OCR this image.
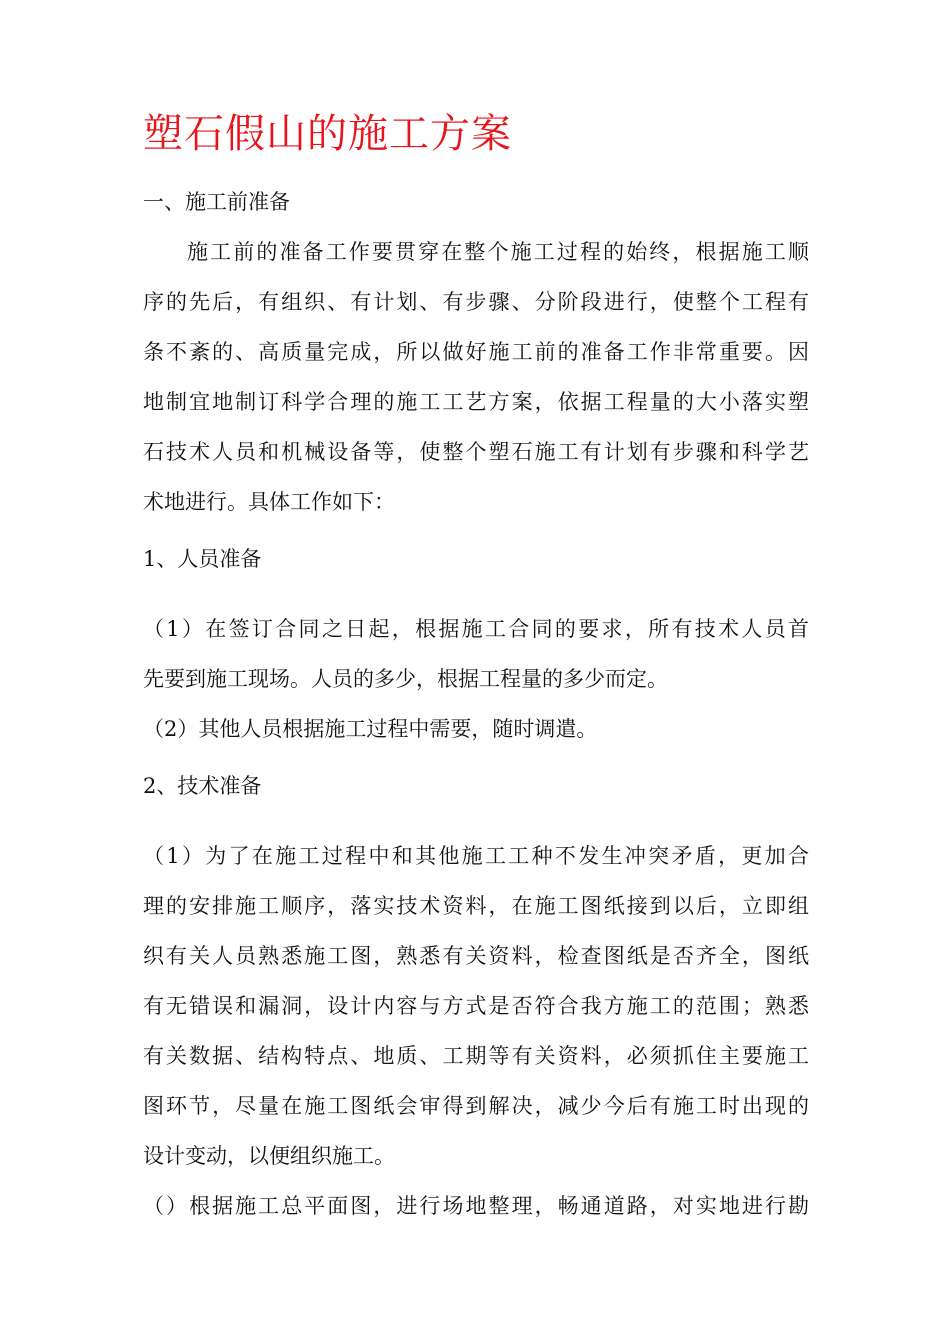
塑石假山的施工方案
一、施工前准备
施工前的准备工作要贯穿在整个施工过程的始终，根据施工顺
序的先后，有组织、有计划、有步骤、分阶段进行，使整个工程有
条不紊的、高质量完成，所以做好施工前的准备工作非常重要。因
地制宜地制订科学合理的施工工艺方案，依据工程量的大小落实塑
石技术人员和机械设备等，使整个塑石施工有计划有步骤和科学艺
术地进行。具体工作如下：
1、人员准备
（1）在签订合同之日起，根据施工合同的要求，所有技术人员首
先要到施工现场。人员的多少，根据工程量的多少而定。
（2）其他人员根据施工过程中需要，随时调遣。
2、技术准备
（1）为了在施工过程中和其他施工工种不发生冲突矛盾，更加合
理的安排施工顺序，落实技术资料，在施工图纸接到以后，立即组
织有关人员熟悉施工图，熟悉有关资料，检查图纸是否齐全，图纸
有无错误和漏洞，设计内容与方式是否符合我方施工的范围；熟悉
有关数据、结构特点、地质、工期等有关资料，必须抓住主要施工
图环节，尽量在施工图纸会审得到解决，减少今后有施工时出现的
设计变动，以便组织施工。
（）根据施工总平面图，进行场地整理，畅通道路，对实地进行勘
